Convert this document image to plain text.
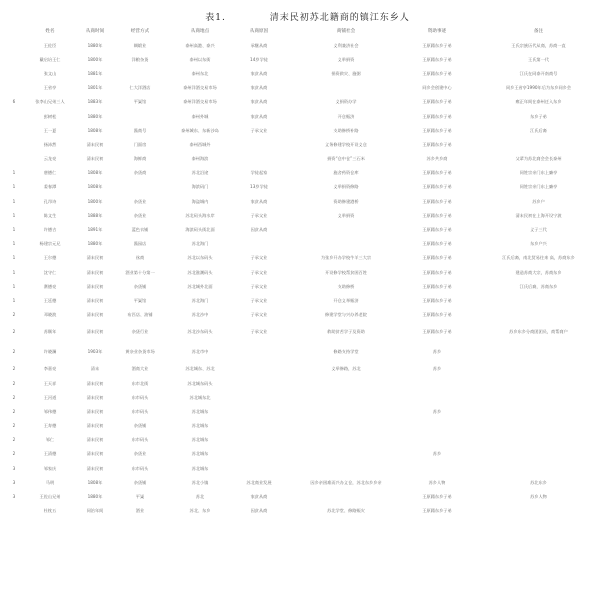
表1.	清末民初苏北籍商的镇江东乡人
	姓名	从商时间	经营方式	从商地点	从商原因	商铺社会	资助事迹	备注
	王佐臣	1880年	绸缎业	泰州高港、泰兴	承继从商	义利兼济社会	王原籍东乡子弟	王氏宗族历代从商，苏商一直
	戴启诒王仁	1800年	洋粮杂货	泰州以东街	14岁学徒	义举捐资	王原籍东乡子弟	王氏第一代
	张文山	1881年		泰州东北	家贫从商	捐资救灾、施粥	王原籍东乡子弟	江氏在同泰开南商号
	王省亭	1801年	仁大洋酒店	泰州洋酒交易市场	家贫从商		同乡会创建中心	同乡王省亭1990年后为东乡同乡会
6	张李山兄弟三人	1883年	平粜馆	泰州洋酒交易市场	家贫从商	义捐资办学	王原籍东乡子弟	雍正年间在泰州迁入东乡
	彭树松	1880年		泰州外城	家贫从商	开仓赈济	王原籍东乡子弟	东乡子弟
	王一夏	1808年	酱商号	泰州城东、东新沙岛	子承父业	支助修桥补路	王原籍东乡子弟	江氏后裔
	扬沛然	清末民初	门面房	泰州西城外		义务修建学校开设义仓	王原籍东乡子弟	
	云龙亮	清末民初	海鲜商	泰州海滨		捐资“仓中仓”三石米	苏乡共乡商	父辈为苏北商会会长泰州
1	唐德仁	1808年	杂货商	苏北沿途	学徒起家	施舍药资仓库	王原籍东乡子弟	同姓宗亲门东上廉亭
1	姜春潭	1808年		海滨码门	13岁学徒	义举捐资修路	王原籍东乡子弟	同姓宗亲门东上廉亭
1	孔昂诗	1800年	杂货业	海盗城内	家贫从商	资助修建港桥	王原籍东乡子弟	苏乡户
1	陈文生	1888年	杂货业	苏北码头海水岸	子承父业	义举捐资	王原籍东乡子弟	清末民初在上海开设宁波
1	许德吉	1891年	蓝色衣铺	海滨码头街北面	因贫从商		王原籍东乡子弟	义子三代
1	杨建宗元兄	1880年	酱园店	苏北海门			王原籍东乡子弟	东乡户兴
1	王尔德	清末民初	丝商	苏北以东码头	子承父业	为张乡开办学校牛羊三大宗	王原籍东乡子弟	江氏后裔，南北贸易往来 高，苏商东乡
1	沈守仁	清末民初	酒业第十分第一	苏北涨潮码头	子承父业	开设修学校帮贫困百姓	王原籍东乡子弟	建造苏商大宗，苏商东乡
1	赛德亮	清末民初	杂货铺	苏北城外北面	子承父业	支助修桥	王原籍东乡子弟	江氏后裔，苏商东乡
1	王廷德	清末民初	平粜馆	苏北海门	子承父业	开仓义举赈济	王原籍东乡子弟	
2	邓晓波	清末民初	布匹店、油铺	苏北沙中	子承父业	修建学堂与兴办养老院	王原籍东乡子弟	
2	苏顺年	清末民初	杂货行业	苏北沙东码头	子承父业	救助贫苦学子及资助	王原籍东乡子弟	苏乡东乡分商团团员，商帮商户
2	许晓澜	1903年	黄杂业杂货市场	苏北市中		修路支持学堂	苏乡	
2	李嘉亮	清末	酒商大业	苏北城东、苏北		义举修路，苏北	苏乡	
2	王天祥	清末民初	东市北街	苏北城东码头				
2	王河道	清末民初	东市码头	苏北城东北				
2	邹伟德	清末民初	东市码头	苏北城东			苏乡	
2	王寿德	清末民初	杂货铺	苏北城东				
2	邹仁	清末民初	东市码头	苏北城东				
2	王清德	清末民初	杂货业	苏北城东			苏乡	
3	邹家庆	清末民初	东市码头	苏北城东				
3	马明	1808年	杂货铺	苏北小镇	苏北商业发展	因乡亲困难而兴办义仓，苏北东乡乡亲	苏乡人物	苏北东乡
3	王佐山兄弟	1880年	平粜	苏北	家贫从商		王原籍东乡子弟	苏乡人物
	杜枕五	同治年间	酒业	苏北、东乡	因贫从商	苏北学堂、修路赈灾	王原籍东乡子弟	
